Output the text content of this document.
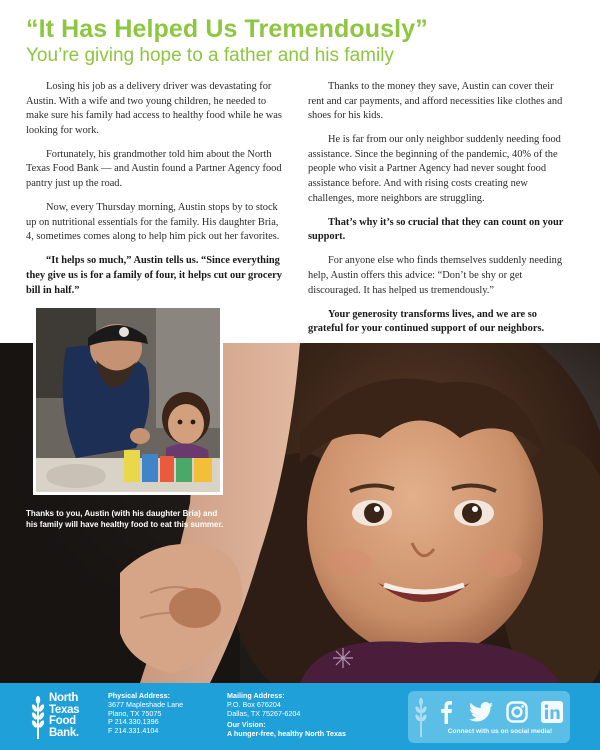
“It Has Helped Us Tremendously”
You’re giving hope to a father and his family

Losing his job as a delivery driver was devastating for Austin. With a wife and two young children, he needed to make sure his family had access to healthy food while he was looking for work.

Fortunately, his grandmother told him about the North Texas Food Bank — and Austin found a Partner Agency food pantry just up the road.

Now, every Thursday morning, Austin stops by to stock up on nutritional essentials for the family. His daughter Bria, 4, sometimes comes along to help him pick out her favorites.

“It helps so much,” Austin tells us. “Since everything they give us is for a family of four, it helps cut our grocery bill in half.”

Thanks to the money they save, Austin can cover their rent and car payments, and afford necessities like clothes and shoes for his kids.

He is far from our only neighbor suddenly needing food assistance. Since the beginning of the pandemic, 40% of the people who visit a Partner Agency had never sought food assistance before. And with rising costs creating new challenges, more neighbors are struggling.

That’s why it’s so crucial that they can count on your support.

For anyone else who finds themselves suddenly needing help, Austin offers this advice: “Don’t be shy or get discouraged. It has helped us tremendously.”

Your generosity transforms lives, and we are so grateful for your continued support of our neighbors.

Thanks to you, Austin (with his daughter Bria) and his family will have healthy food to eat this summer.
North
Texas
Food
Bank.
Physical Address:
3677 Mapleshade Lane
Plano, TX 75075
P 214.330.1396
F 214.331.4104
Mailing Address:
P.O. Box 676204
Dallas, TX 75267-6204
Our Vision:
A hunger-free, healthy North Texas	Connect with us on social media!
